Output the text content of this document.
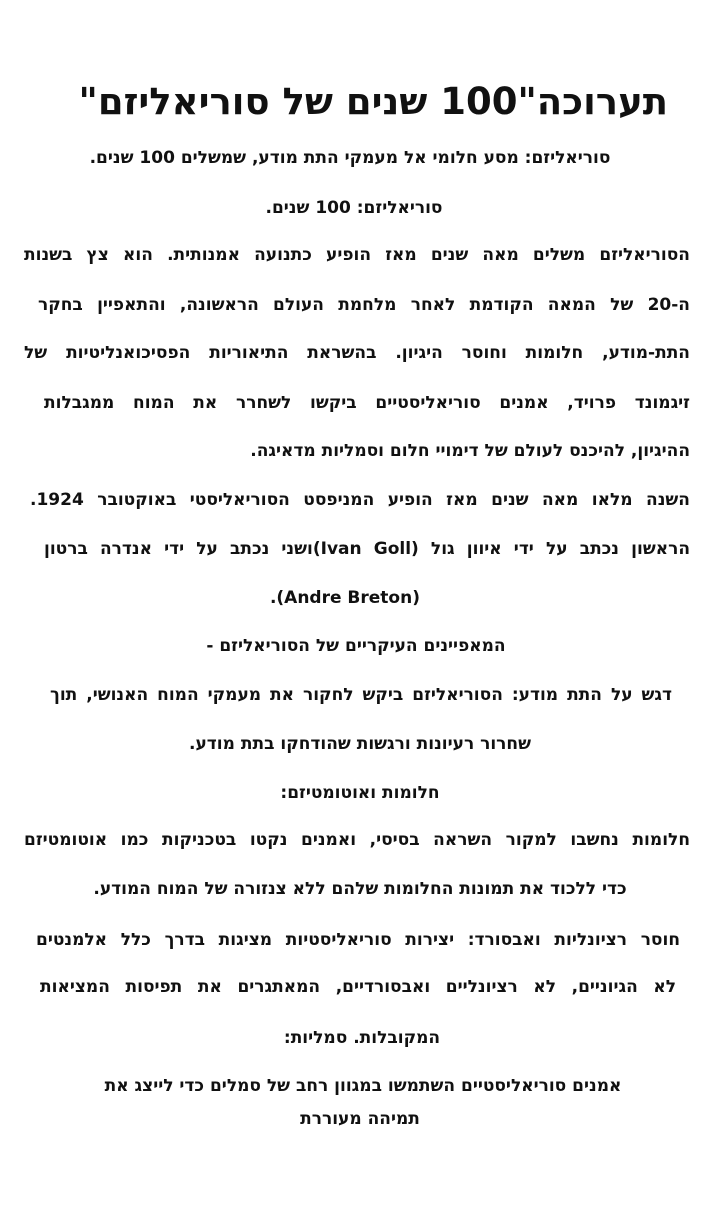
תערוכה"100 שנים של סוריאליזם"
סוריאליזם: מסע חלומי אל מעמקי התת מודע, שמשלים 100 שנים.
סוריאליזם: 100 שנים.
הסוריאליזם משלים מאה שנים מאז הופיע כתנועה אמנותית. הוא צץ בשנות
ה-20 של המאה הקודמת לאחר מלחמת העולם הראשונה, והתאפיין בחקר
התת-מודע, חלומות וחוסר היגיון. בהשראת התיאוריות הפסיכואנליטיות של
זיגמונד פרויד, אמנים סוריאליסטיים ביקשו לשחרר את המוח ממגבלות
ההיגיון, להיכנס לעולם של דימויי חלום וסמליות מדאיגה.
השנה מלאו מאה שנים מאז הופיע המניפסט הסוריאליסטי באוקטובר 1924.
הראשון נכתב על ידי איוון גול (Ivan Goll)ושני נכתב על ידי אנדרה ברטון
(Andre Breton).
המאפיינים העיקריים של הסוריאליזם -
דגש על התת מודע: הסוריאליזם ביקש לחקור את מעמקי המוח האנושי, תוך
שחרור רעיונות ורגשות שהודחקו בתת מודע.
חלומות ואוטומטיזם:
חלומות נחשבו למקור השראה בסיסי, ואמנים נקטו בטכניקות כמו אוטומטיזם
כדי ללכוד את תמונות החלומות שלהם ללא צנזורה של המוח המודע.
חוסר רציונליות ואבסורד: יצירות סוריאליסטיות מציגות בדרך כלל אלמנטים
לא הגיוניים, לא רציונליים ואבסורדיים, המאתגרים את תפיסות המציאות
המקובלות. סמליות:
אמנים סוריאליסטיים השתמשו במגוון רחב של סמלים כדי לייצג את
תמיהה מעוררת
